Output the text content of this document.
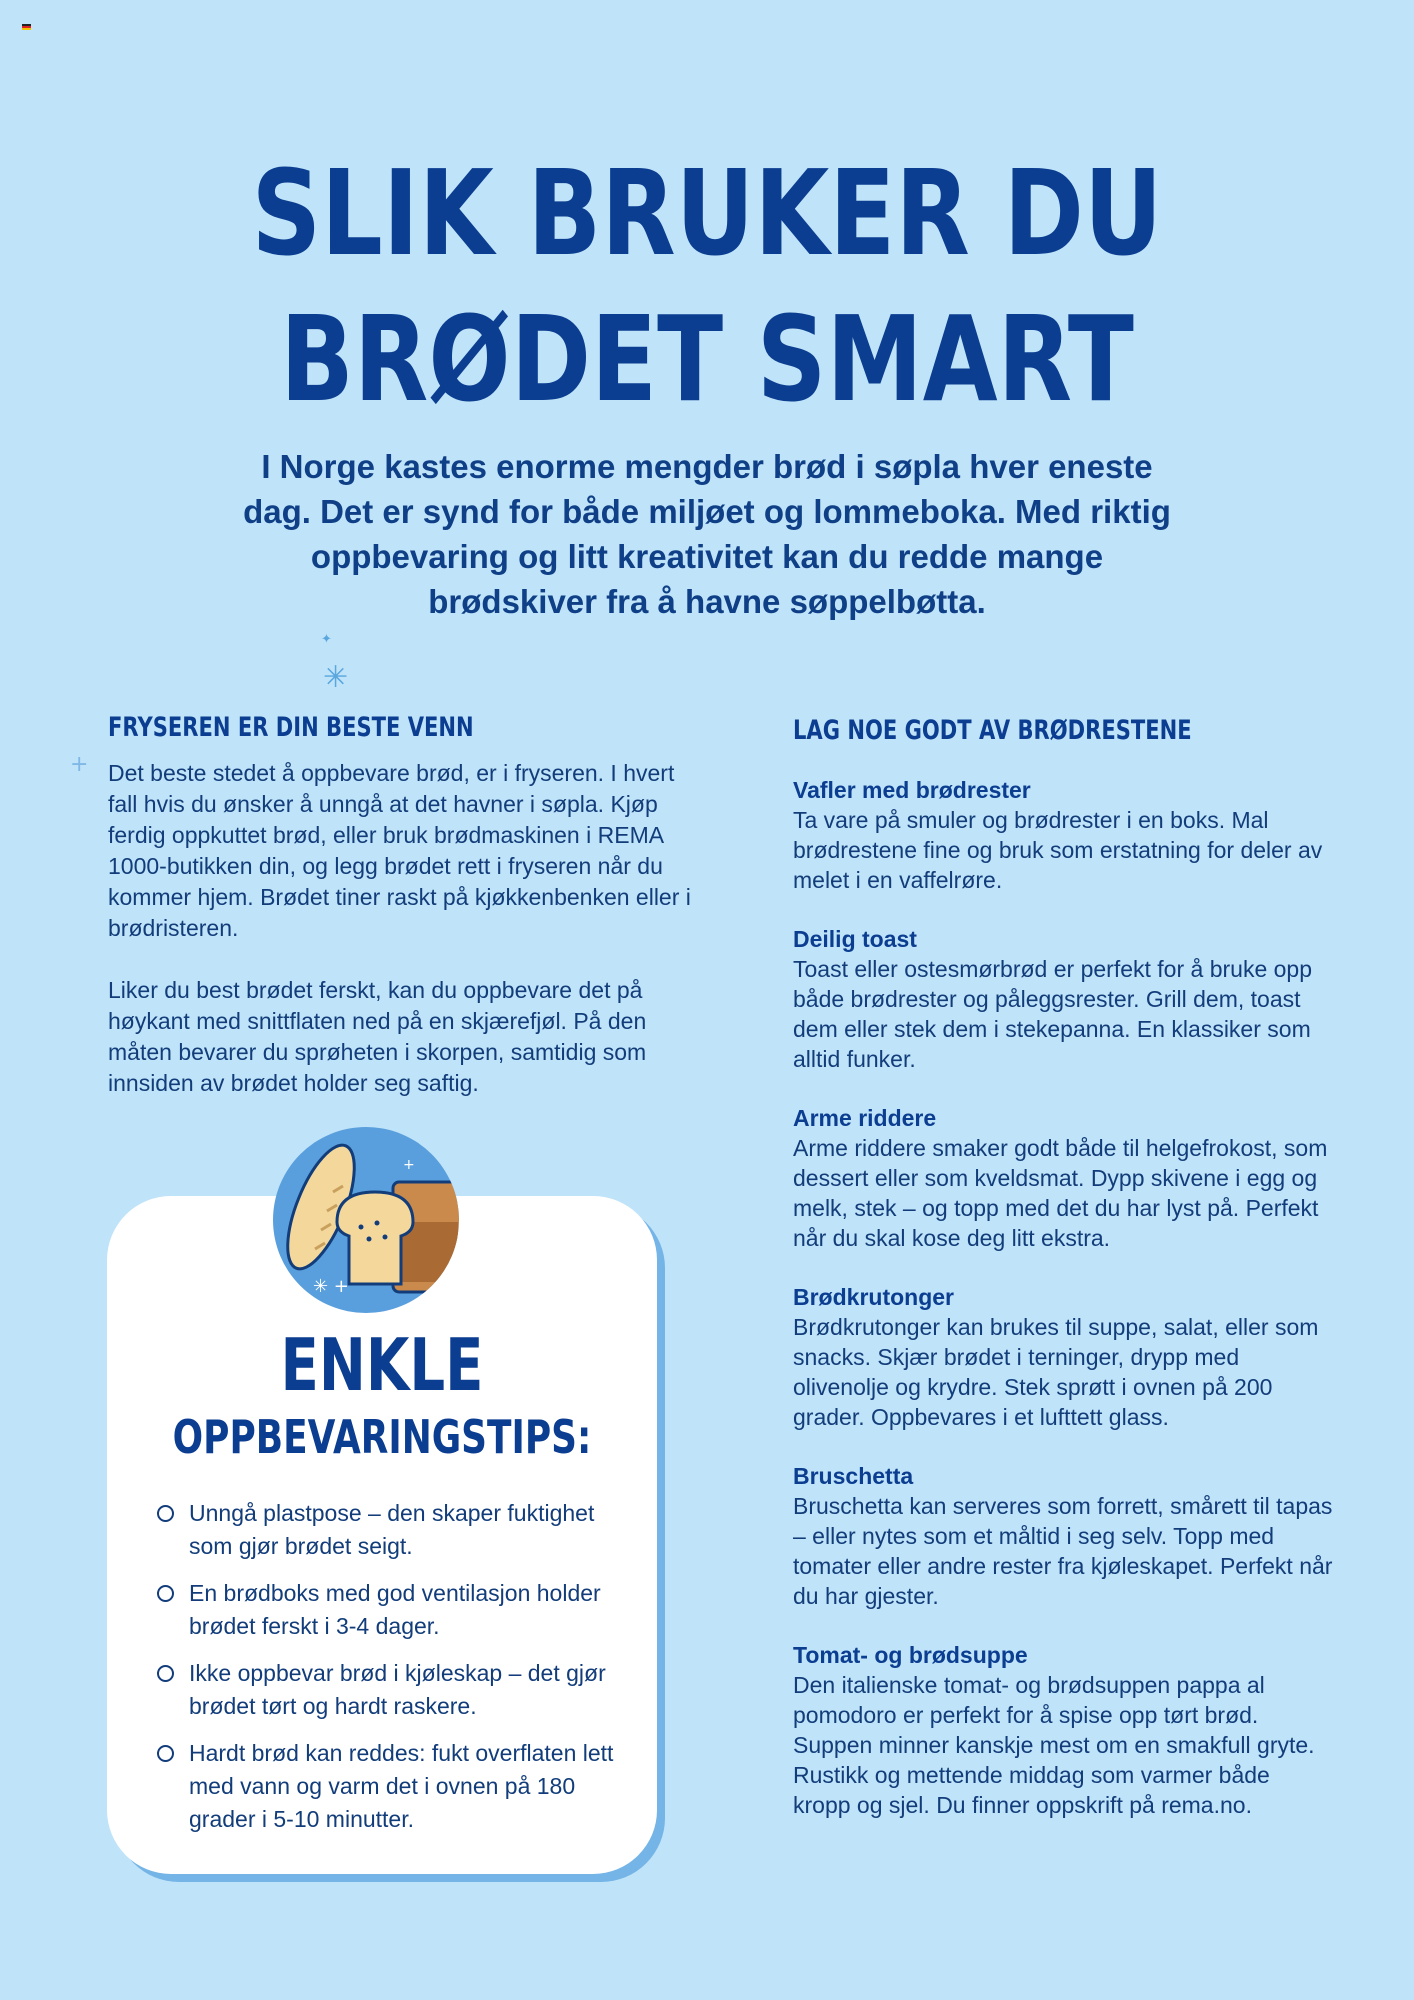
SLIK BRUKER DU
BRØDET SMART

I Norge kastes enorme mengder brød i søpla hver eneste dag. Det er synd for både miljøet og lommeboka. Med riktig oppbevaring og litt kreativitet kan du redde mange brødskiver fra å havne søppelbøtta.

✦
✳
+
FRYSEREN ER DIN BESTE VENN

Det beste stedet å oppbevare brød, er i fryseren. I hvert fall hvis du ønsker å unngå at det havner i søpla. Kjøp ferdig oppkuttet brød, eller bruk brødmaskinen i REMA 1000-butikken din, og legg brødet rett i fryseren når du kommer hjem. Brødet tiner raskt på kjøkkenbenken eller i brødristeren.

Liker du best brødet ferskt, kan du oppbevare det på høykant med snittflaten ned på en skjærefjøl. På den måten bevarer du sprøheten i skorpen, samtidig som innsiden av brødet holder seg saftig.

LAG NOE GODT AV BRØDRESTENE
Vafler med brødrester

Ta vare på smuler og brødrester i en boks. Mal brødrestene fine og bruk som erstatning for deler av melet i en vaffelrøre.

Deilig toast

Toast eller ostesmørbrød er perfekt for å bruke opp både brødrester og påleggsrester. Grill dem, toast dem eller stek dem i stekepanna. En klassiker som alltid funker.

Arme riddere

Arme riddere smaker godt både til helgefrokost, som dessert eller som kveldsmat. Dypp skivene i egg og melk, stek – og topp med det du har lyst på. Perfekt når du skal kose deg litt ekstra.

Brødkrutonger

Brødkrutonger kan brukes til suppe, salat, eller som snacks. Skjær brødet i terninger, drypp med olivenolje og krydre. Stek sprøtt i ovnen på 200 grader. Oppbevares i et lufttett glass.

Bruschetta

Bruschetta kan serveres som forrett, smårett til tapas – eller nytes som et måltid i seg selv. Topp med tomater eller andre rester fra kjøleskapet. Perfekt når du har gjester.

Tomat- og brødsuppe

Den italienske tomat- og brødsuppen pappa al pomodoro er perfekt for å spise opp tørt brød. Suppen minner kanskje mest om en smakfull gryte. Rustikk og mettende middag som varmer både kropp og sjel. Du finner oppskrift på rema.no.

✳ +
+
ENKLE
OPPBEVARINGSTIPS:
Unngå plastpose – den skaper fuktighet som gjør brødet seigt.
En brødboks med god ventilasjon holder brødet ferskt i 3-4 dager.
Ikke oppbevar brød i kjøleskap – det gjør brødet tørt og hardt raskere.
Hardt brød kan reddes: fukt overflaten lett med vann og varm det i ovnen på 180 grader i 5-10 minutter.
